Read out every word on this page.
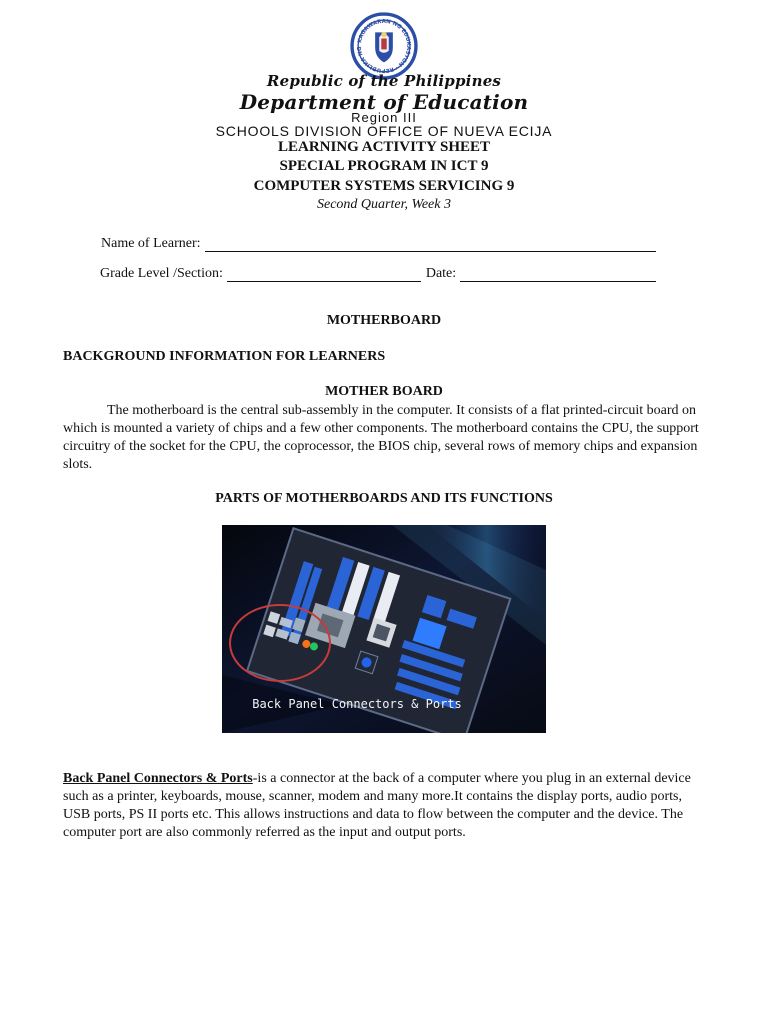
KAGAWARAN NG EDUKASYON · REPUBLIKA NG
Republic of the Philippines
Department of Education
Region III
SCHOOLS DIVISION OFFICE OF NUEVA ECIJA
LEARNING ACTIVITY SHEET
SPECIAL PROGRAM IN ICT 9
COMPUTER SYSTEMS SERVICING 9
Second Quarter, Week 3
Name of Learner:
Grade Level /Section:	Date:
MOTHERBOARD
BACKGROUND INFORMATION FOR LEARNERS
MOTHER BOARD
The motherboard is the central sub-assembly in the computer. It consists of a flat printed-circuit board on which is mounted a variety of chips and a few other components. The motherboard contains the CPU, the support circuitry of the socket for the CPU, the coprocessor, the BIOS chip, several rows of memory chips and expansion slots.
PARTS OF MOTHERBOARDS AND ITS FUNCTIONS
Back Panel Connectors & Ports
Back Panel Connectors & Ports-is a connector at the back of a computer where you plug in an external device such as a printer, keyboards, mouse, scanner, modem and many more.It contains the display ports, audio ports, USB ports, PS II ports etc. This allows instructions and data to flow between the computer and the device. The computer port are also commonly referred as the input and output ports.
